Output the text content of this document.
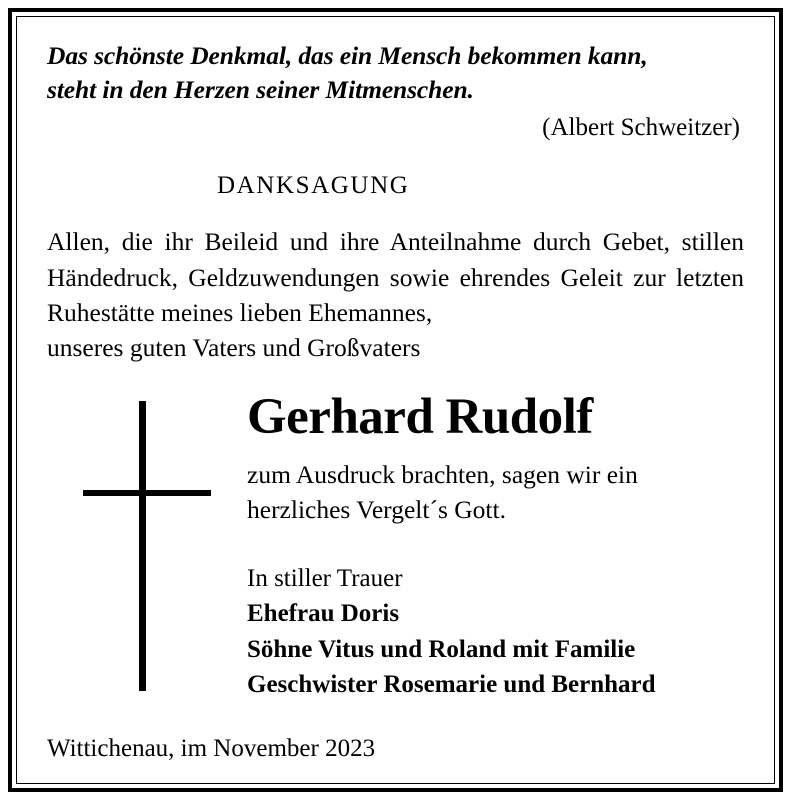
Das schönste Denkmal, das ein Mensch bekommen kann,
steht in den Herzen seiner Mitmenschen.
(Albert Schweitzer)
DANKSAGUNG
Allen, die ihr Beileid und ihre Anteilnahme durch Gebet, stillen Händedruck, Geldzuwendungen sowie ehrendes Geleit zur letzten Ruhestätte meines lieben Ehemannes,
unseres guten Vaters und Großvaters
Gerhard Rudolf
zum Ausdruck brachten, sagen wir ein
herzliches Vergelt´s Gott.
In stiller Trauer
Ehefrau Doris
Söhne Vitus und Roland mit Familie
Geschwister Rosemarie und Bernhard
Wittichenau, im November 2023
